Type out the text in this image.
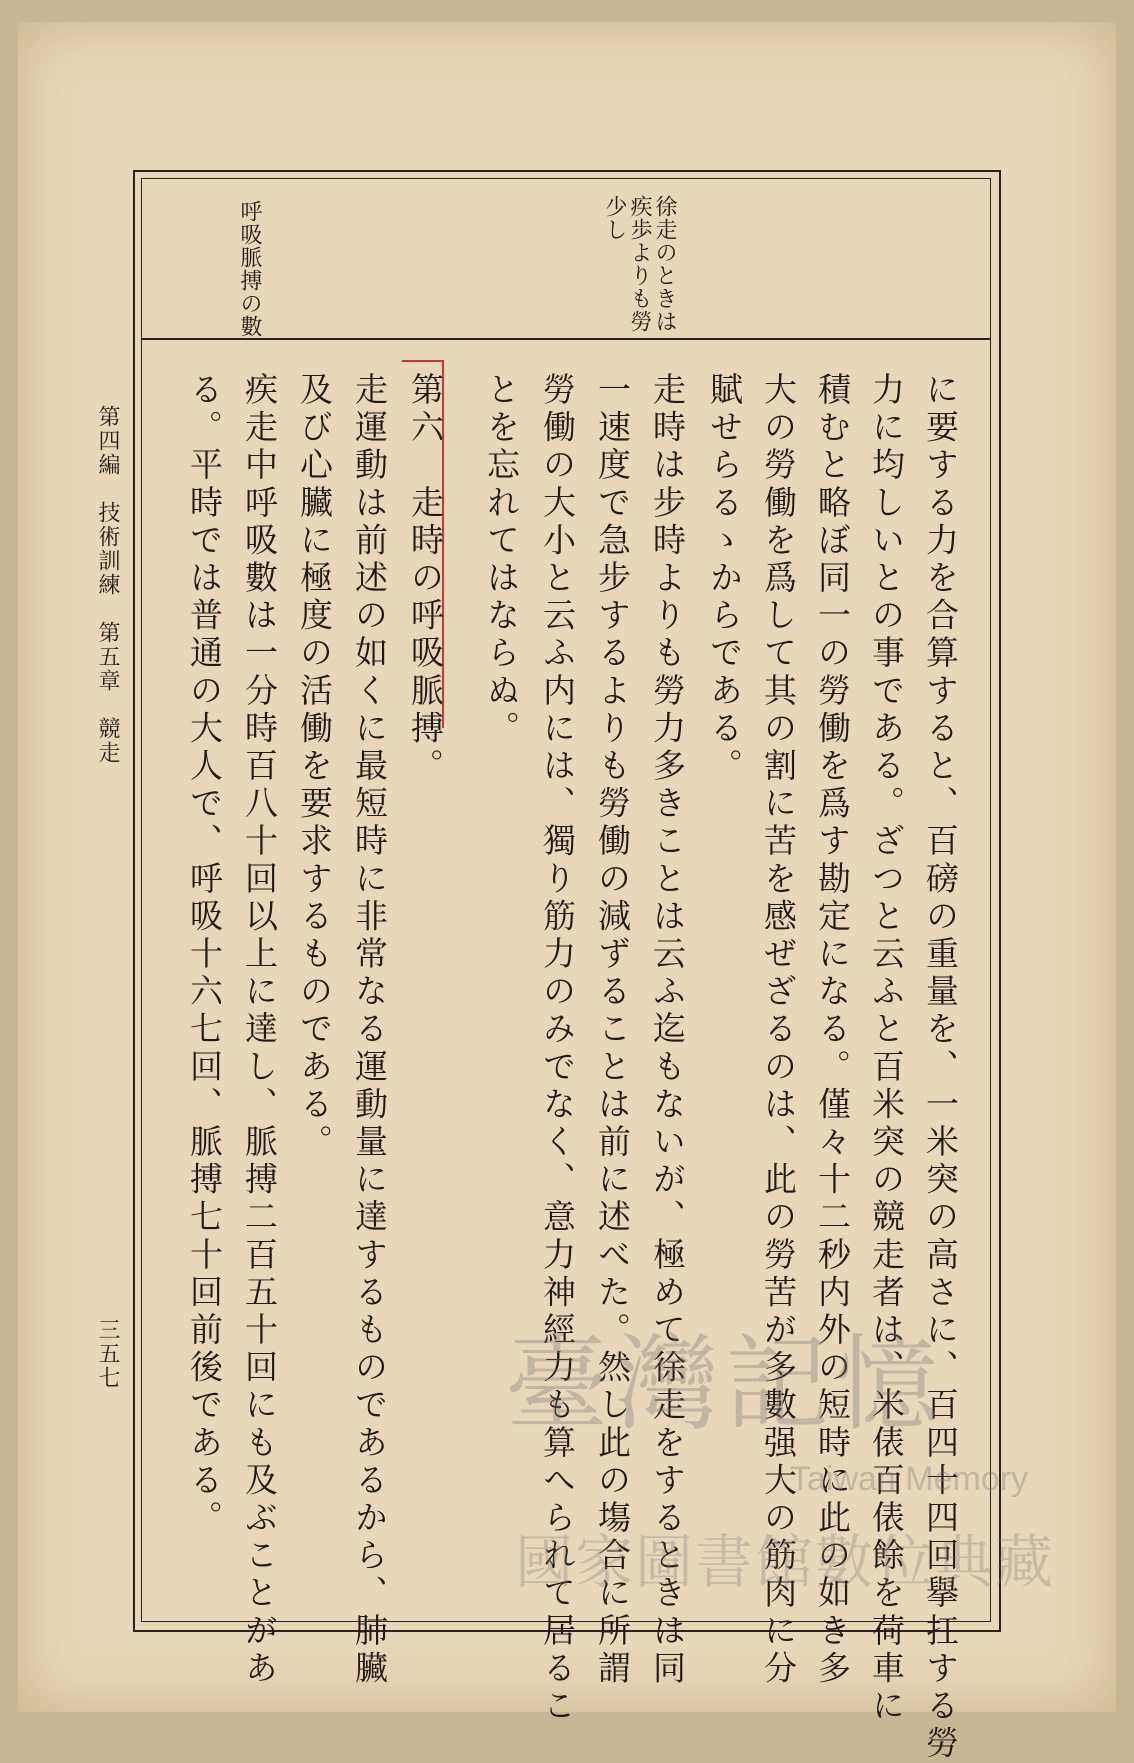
第四編　技術訓練　第五章　競走
三五七
徐走のときは
疾歩よりも勞
少し
呼吸脈搏の數
に要する力を合算すると、百磅の重量を、一米突の高さに、百四十四回擧扛する勞
力に均しいとの事である。ざつと云ふと百米突の競走者は、米俵百俵餘を荷車に
積むと略ぼ同一の勞働を爲す勘定になる。僅々十二秒内外の短時に此の如き多
大の勞働を爲して其の割に苦を感ぜざるのは、此の勞苦が多數强大の筋肉に分
賦せらるゝからである。
走時は步時よりも勞力多きことは云ふ迄もないが、極めて徐走をするときは同
一速度で急步するよりも勞働の減ずることは前に述べた。然し此の塲合に所謂
勞働の大小と云ふ内には、獨り筋力のみでなく、意力神經力も算へられて居るこ
とを忘れてはならぬ。
第六　走時の呼吸脈搏。
走運動は前述の如くに最短時に非常なる運動量に達するものであるから、肺臟
及び心臟に極度の活働を要求するものである。
疾走中呼吸數は一分時百八十回以上に達し、脈搏二百五十回にも及ぶことがあ
る。平時では普通の大人で、呼吸十六七回、脈搏七十回前後である。	臺灣記憶
Taiwan Memory
國家圖書館數位典藏
